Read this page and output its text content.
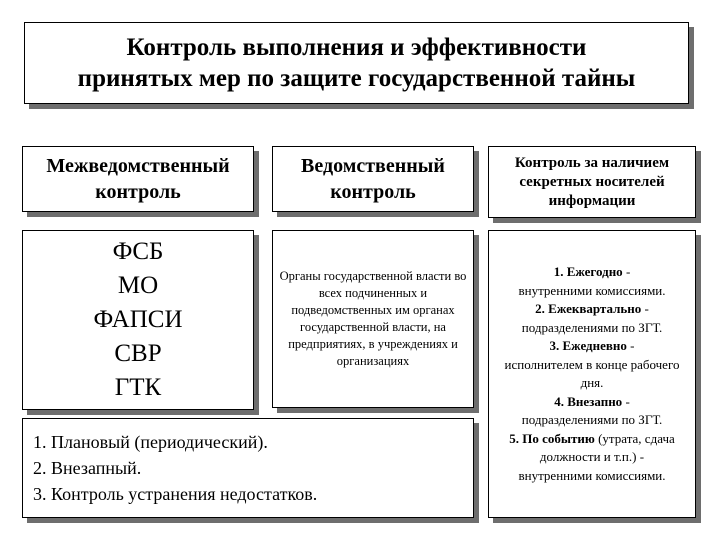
Контроль выполнения и эффективности
принятых мер по защите государственной тайны
Межведомственный
контроль
Ведомственный
контроль
Контроль за наличием
секретных носителей
информации
ФСБ
МО
ФАПСИ
СВР
ГТК
Органы государственной власти во всех подчиненных и подведомственных им органах государственной власти, на предприятиях, в учреждениях и организациях
1. Плановый (периодический).
2. Внезапный.
3. Контроль устранения недостатков.
1. Ежегодно -
внутренними комиссиями.
2. Ежеквартально -
подразделениями по ЗГТ.
3. Ежедневно -
исполнителем в конце рабочего дня.
4. Внезапно -
подразделениями по ЗГТ.
5. По событию (утрата, сдача должности и т.п.) -
внутренними комиссиями.
